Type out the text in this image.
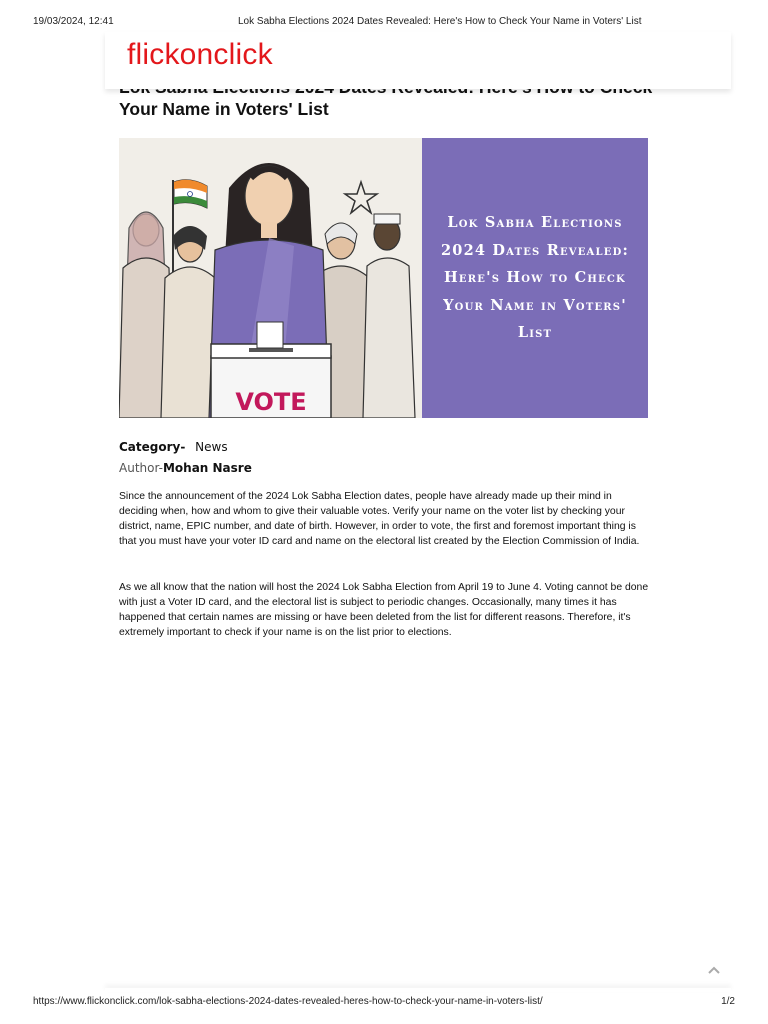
19/03/2024, 12:41	Lok Sabha Elections 2024 Dates Revealed: Here's How to Check Your Name in Voters' List
flickonclick
Your Name in Voters' List
VOTE
Lok Sabha Elections 2024 Dates Revealed: Here's How to Check Your Name in Voters' List
Category- News
Author-Mohan Nasre

Since the announcement of the 2024 Lok Sabha Election dates, people have already made up their mind in deciding when, how and whom to give their valuable votes. Verify your name on the voter list by checking your district, name, EPIC number, and date of birth. However, in order to vote, the first and foremost important thing is that you must have your voter ID card and name on the electoral list created by the Election Commission of India.

As we all know that the nation will host the 2024 Lok Sabha Election from April 19 to June 4. Voting cannot be done with just a Voter ID card, and the electoral list is subject to periodic changes. Occasionally, many times it has happened that certain names are missing or have been deleted from the list for different reasons. Therefore, it's extremely important to check if your name is on the list prior to elections.

https://www.flickonclick.com/lok-sabha-elections-2024-dates-revealed-heres-how-to-check-your-name-in-voters-list/	1/2
